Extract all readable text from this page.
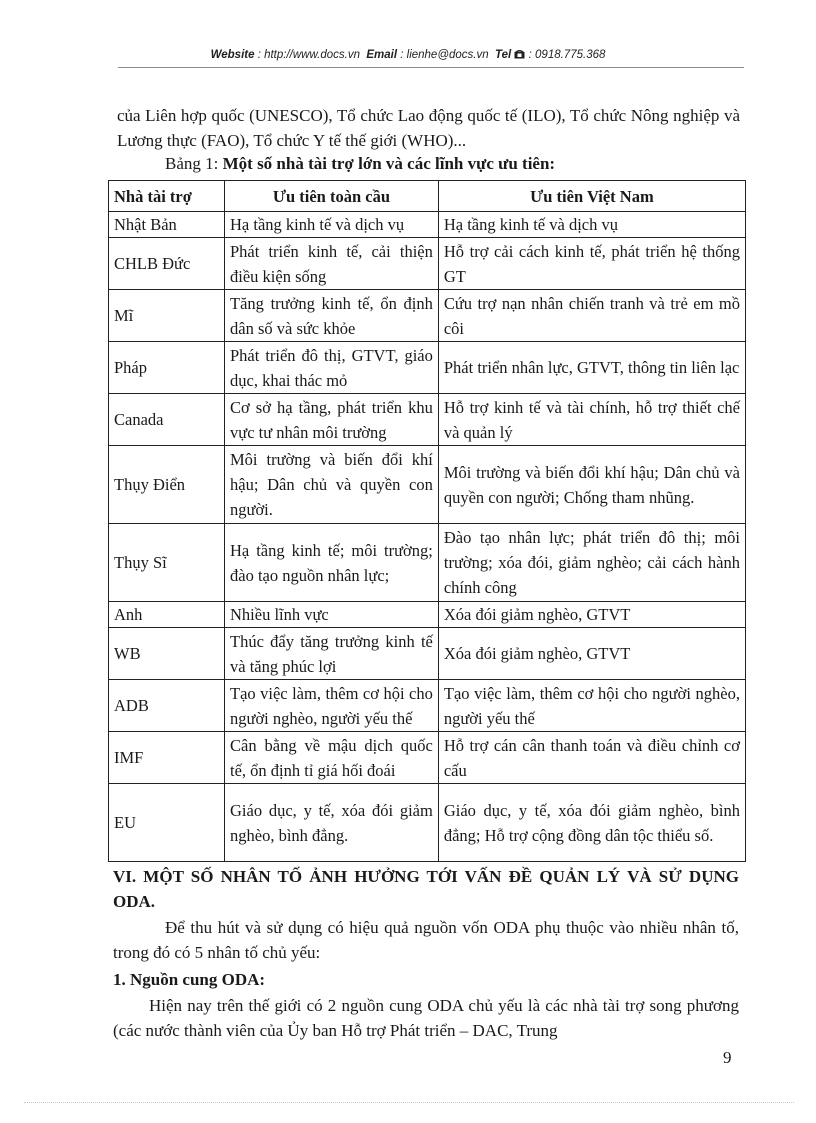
Website : http://www.docs.vn Email : lienhe@docs.vn Tel : 0918.775.368

của Liên hợp quốc (UNESCO), Tổ chức Lao động quốc tế (ILO), Tổ chức Nông nghiệp và Lương thực (FAO), Tổ chức Y tế thế giới (WHO)...

Bảng 1: Một số nhà tài trợ lớn và các lĩnh vực ưu tiên:
Nhà tài trợ	Ưu tiên toàn cầu	Ưu tiên Việt Nam
Nhật Bản	Hạ tầng kinh tế và dịch vụ	Hạ tầng kinh tế và dịch vụ
CHLB Đức	Phát triển kinh tế, cải thiện điều kiện sống	Hỗ trợ cải cách kinh tế, phát triển hệ thống GT
Mĩ	Tăng trưởng kinh tế, ổn định dân số và sức khỏe	Cứu trợ nạn nhân chiến tranh và trẻ em mồ côi
Pháp	Phát triển đô thị, GTVT, giáo dục, khai thác mỏ	Phát triển nhân lực, GTVT, thông tin liên lạc
Canada	Cơ sở hạ tầng, phát triển khu vực tư nhân môi trường	Hỗ trợ kinh tế và tài chính, hỗ trợ thiết chế và quản lý
Thụy Điển	Môi trường và biến đổi khí hậu; Dân chủ và quyền con người.	Môi trường và biến đổi khí hậu; Dân chủ và quyền con người; Chống tham nhũng.
Thụy Sĩ	Hạ tầng kinh tế; môi trường; đào tạo nguồn nhân lực;	Đào tạo nhân lực; phát triển đô thị; môi trường; xóa đói, giảm nghèo; cải cách hành chính công
Anh	Nhiều lĩnh vực	Xóa đói giảm nghèo, GTVT
WB	Thúc đẩy tăng trưởng kinh tế và tăng phúc lợi	Xóa đói giảm nghèo, GTVT
ADB	Tạo việc làm, thêm cơ hội cho người nghèo, người yếu thế	Tạo việc làm, thêm cơ hội cho người nghèo, người yếu thế
IMF	Cân bằng về mậu dịch quốc tế, ổn định tỉ giá hối đoái	Hỗ trợ cán cân thanh toán và điều chỉnh cơ cấu
EU	Giáo dục, y tế, xóa đói giảm nghèo, bình đẳng.	Giáo dục, y tế, xóa đói giảm nghèo, bình đẳng; Hỗ trợ cộng đồng dân tộc thiểu số.

VI. MỘT SỐ NHÂN TỐ ẢNH HƯỞNG TỚI VẤN ĐỀ QUẢN LÝ VÀ SỬ DỤNG ODA.

Để thu hút và sử dụng có hiệu quả nguồn vốn ODA phụ thuộc vào nhiều nhân tố, trong đó có 5 nhân tố chủ yếu:

1. Nguồn cung ODA:

Hiện nay trên thế giới có 2 nguồn cung ODA chủ yếu là các nhà tài trợ song phương (các nước thành viên của Ủy ban Hỗ trợ Phát triển – DAC, Trung

9
